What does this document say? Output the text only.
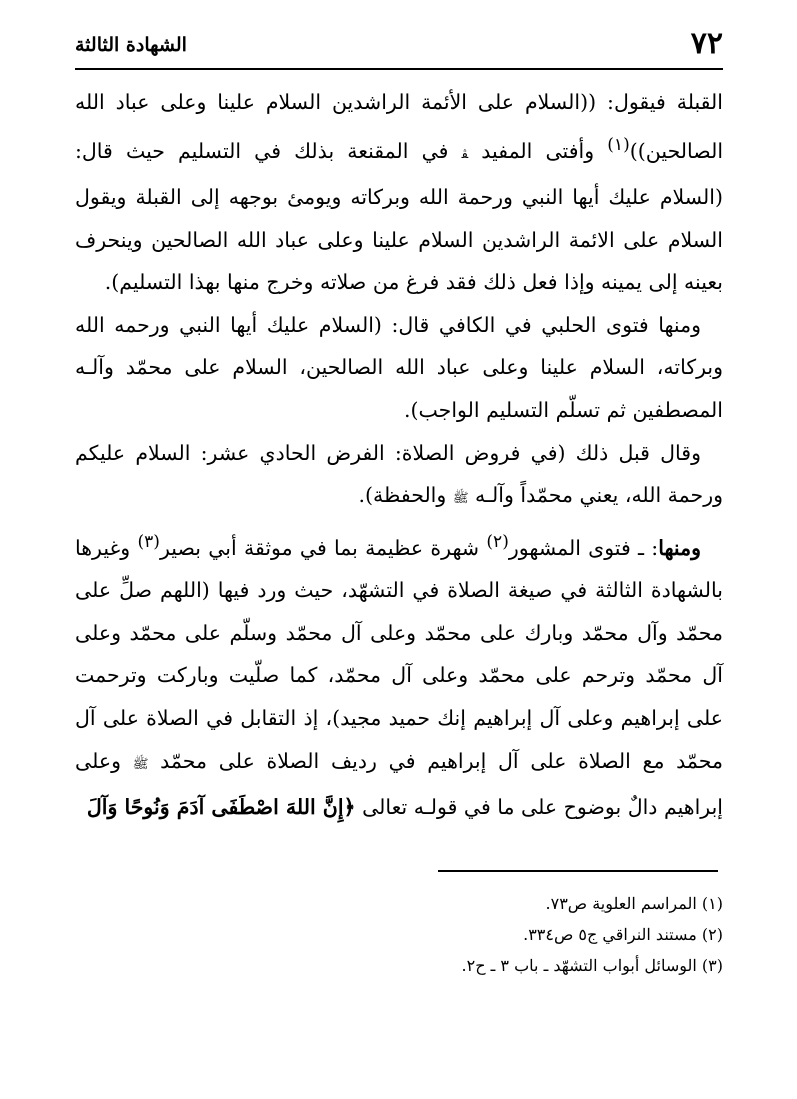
٧٢
الشهادة الثالثة

القبلة فيقول: ((السلام على الأئمة الراشدين السلام علينا وعلى عباد الله الصالحين))$^{(١)}$ وأفتى المفيد ﭭ في المقنعة بذلك في التسليم حيث قال: (السلام عليك أيها النبي ورحمة الله وبركاته ويومئ بوجهه إلى القبلة ويقول السلام على الائمة الراشدين السلام علينا وعلى عباد الله الصالحين وينحرف بعينه إلى يمينه وإذا فعل ذلك فقد فرغ من صلاته وخرج منها بهذا التسليم).

ومنها فتوى الحلبي في الكافي قال: (السلام عليك أيها النبي ورحمه الله وبركاته، السلام علينا وعلى عباد الله الصالحين، السلام على محمّد وآلـه المصطفين ثم تسلّم التسليم الواجب).

وقال قبل ذلك (في فروض الصلاة: الفرض الحادي عشر: السلام عليكم ورحمة الله، يعني محمّداً وآلـه ﷺ والحفظة).

ومنها: ـ فتوى المشهور$^{(٢)}$ شهرة عظيمة بما في موثقة أبي بصير$^{(٣)}$ وغيرها بالشهادة الثالثة في صيغة الصلاة في التشهّد، حيث ورد فيها (اللهم صلِّ على محمّد وآل محمّد وبارك على محمّد وعلى آل محمّد وسلّم على محمّد وعلى آل محمّد وترحم على محمّد وعلى آل محمّد، كما صلّيت وباركت وترحمت على إبراهيم وعلى آل إبراهيم إنك حميد مجيد)، إذ التقابل في الصلاة على آل محمّد مع الصلاة على آل إبراهيم في رديف الصلاة على محمّد ﷺ وعلى إبراهيم دالٌ بوضوح على ما في قولـه تعالى ﴿إِنَّ اللهَ اصْطَفَى آدَمَ وَنُوحًا وَآلَ

(١) المراسم العلوية ص٧٣.

(٢) مستند النراقي ج٥ ص٣٣٤.

(٣) الوسائل أبواب التشهّد ـ باب ٣ ـ ح٢.
